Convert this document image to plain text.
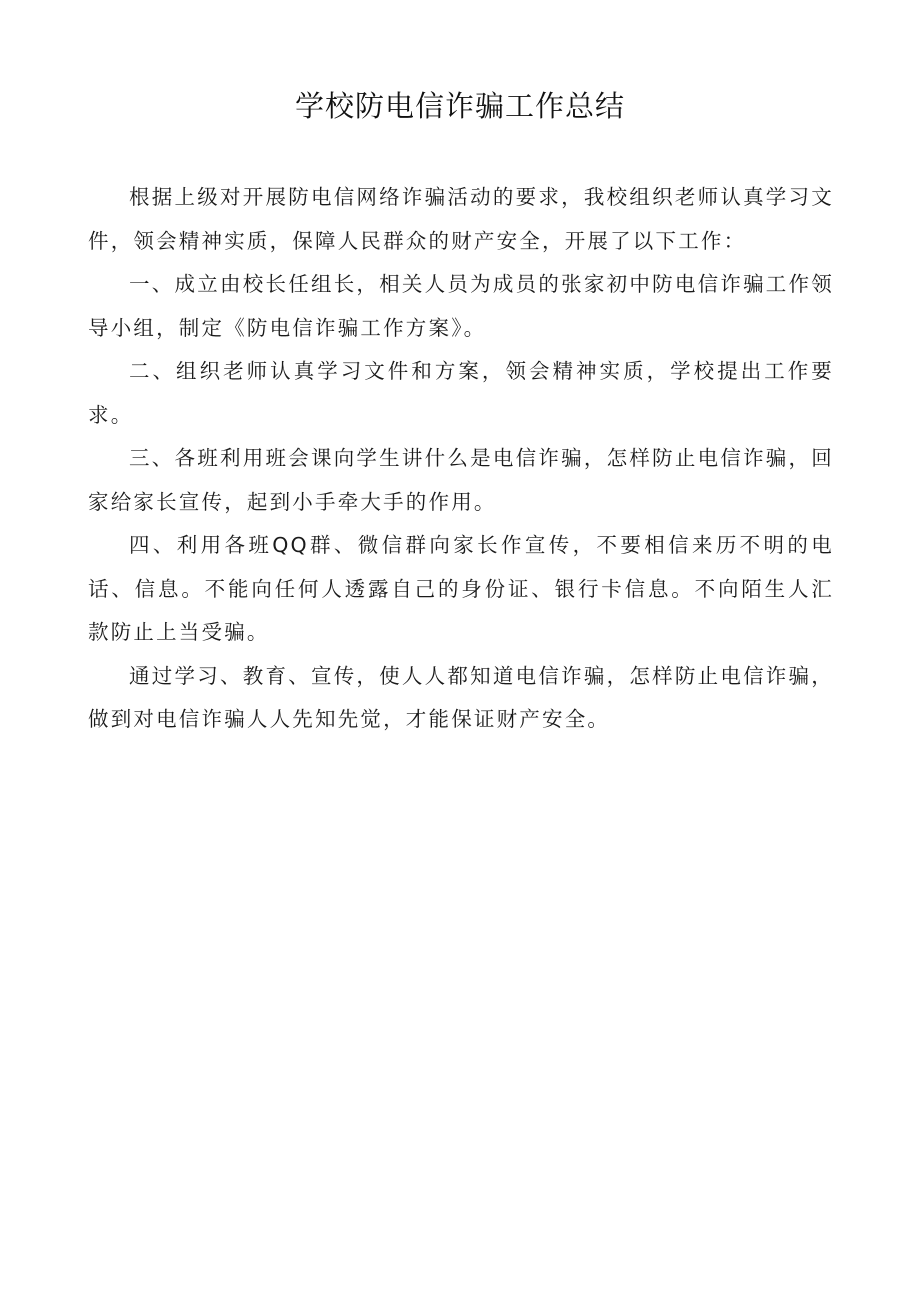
学校防电信诈骗工作总结

根据上级对开展防电信网络诈骗活动的要求，我校组织老师认真学习文件，领会精神实质，保障人民群众的财产安全，开展了以下工作：

一、成立由校长任组长，相关人员为成员的张家初中防电信诈骗工作领导小组，制定《防电信诈骗工作方案》。

二、组织老师认真学习文件和方案，领会精神实质，学校提出工作要求。

三、各班利用班会课向学生讲什么是电信诈骗，怎样防止电信诈骗，回家给家长宣传，起到小手牵大手的作用。

四、利用各班QQ群、微信群向家长作宣传，不要相信来历不明的电话、信息。不能向任何人透露自己的身份证、银行卡信息。不向陌生人汇款防止上当受骗。

通过学习、教育、宣传，使人人都知道电信诈骗，怎样防止电信诈骗，做到对电信诈骗人人先知先觉，才能保证财产安全。
